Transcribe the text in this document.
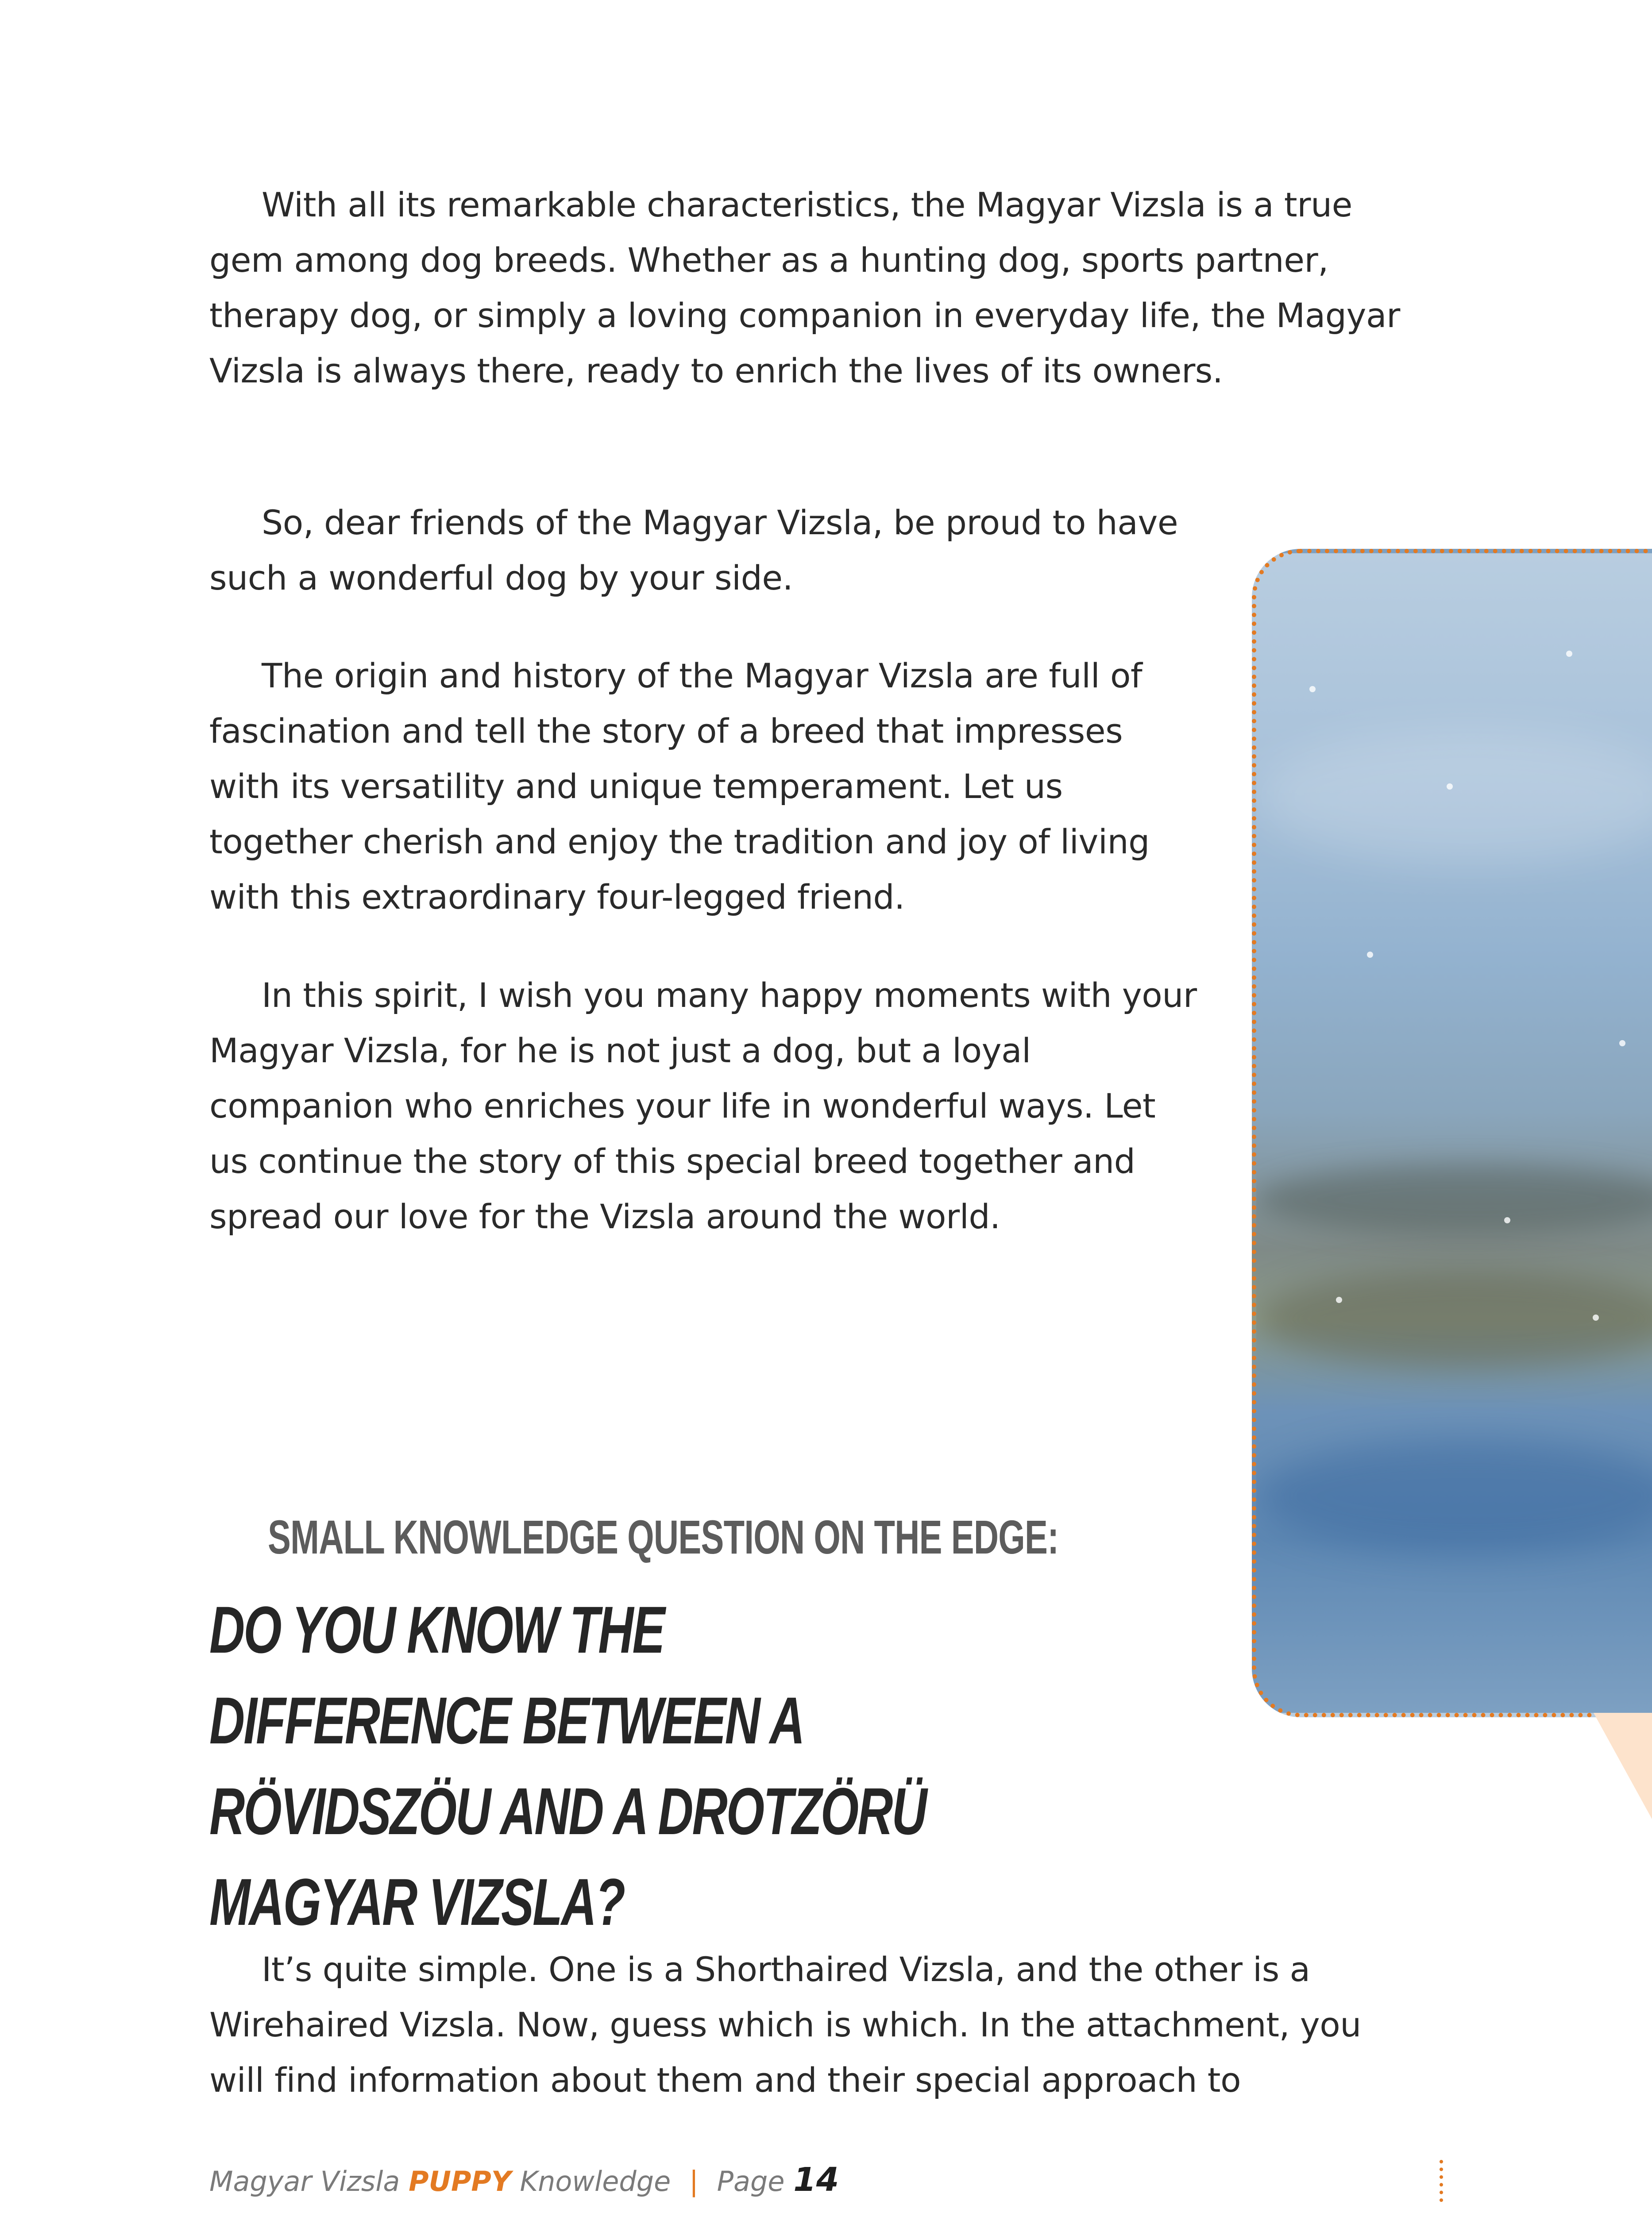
With all its remarkable characteristics, the Magyar Vizsla is a true gem among dog breeds. Whether as a hunting dog, sports partner, therapy dog, or simply a loving companion in everyday life, the Magyar Vizsla is always there, ready to enrich the lives of its owners.

So, dear friends of the Magyar Vizsla, be proud to have such a wonderful dog by your side.

The origin and history of the Magyar Vizsla are full of fascination and tell the story of a breed that impresses with its versatility and unique temperament. Let us together cherish and enjoy the tradition and joy of living with this extraordinary four-legged friend.

In this spirit, I wish you many happy moments with your Magyar Vizsla, for he is not just a dog, but a loyal companion who enriches your life in wonderful ways. Let us continue the story of this special breed together and spread our love for the Vizsla around the world.

SMALL KNOWLEDGE QUESTION ON THE EDGE:
DO YOU KNOW THE DIFFERENCE BETWEEN A RÖVIDSZÖU AND A DROTZÖRÜ MAGYAR VIZSLA?

It’s quite simple. One is a Shorthaired Vizsla, and the other is a Wirehaired Vizsla. Now, guess which is which. In the attachment, you will find information about them and their special approach to

Magyar Vizsla PUPPY Knowledge | Page 14
